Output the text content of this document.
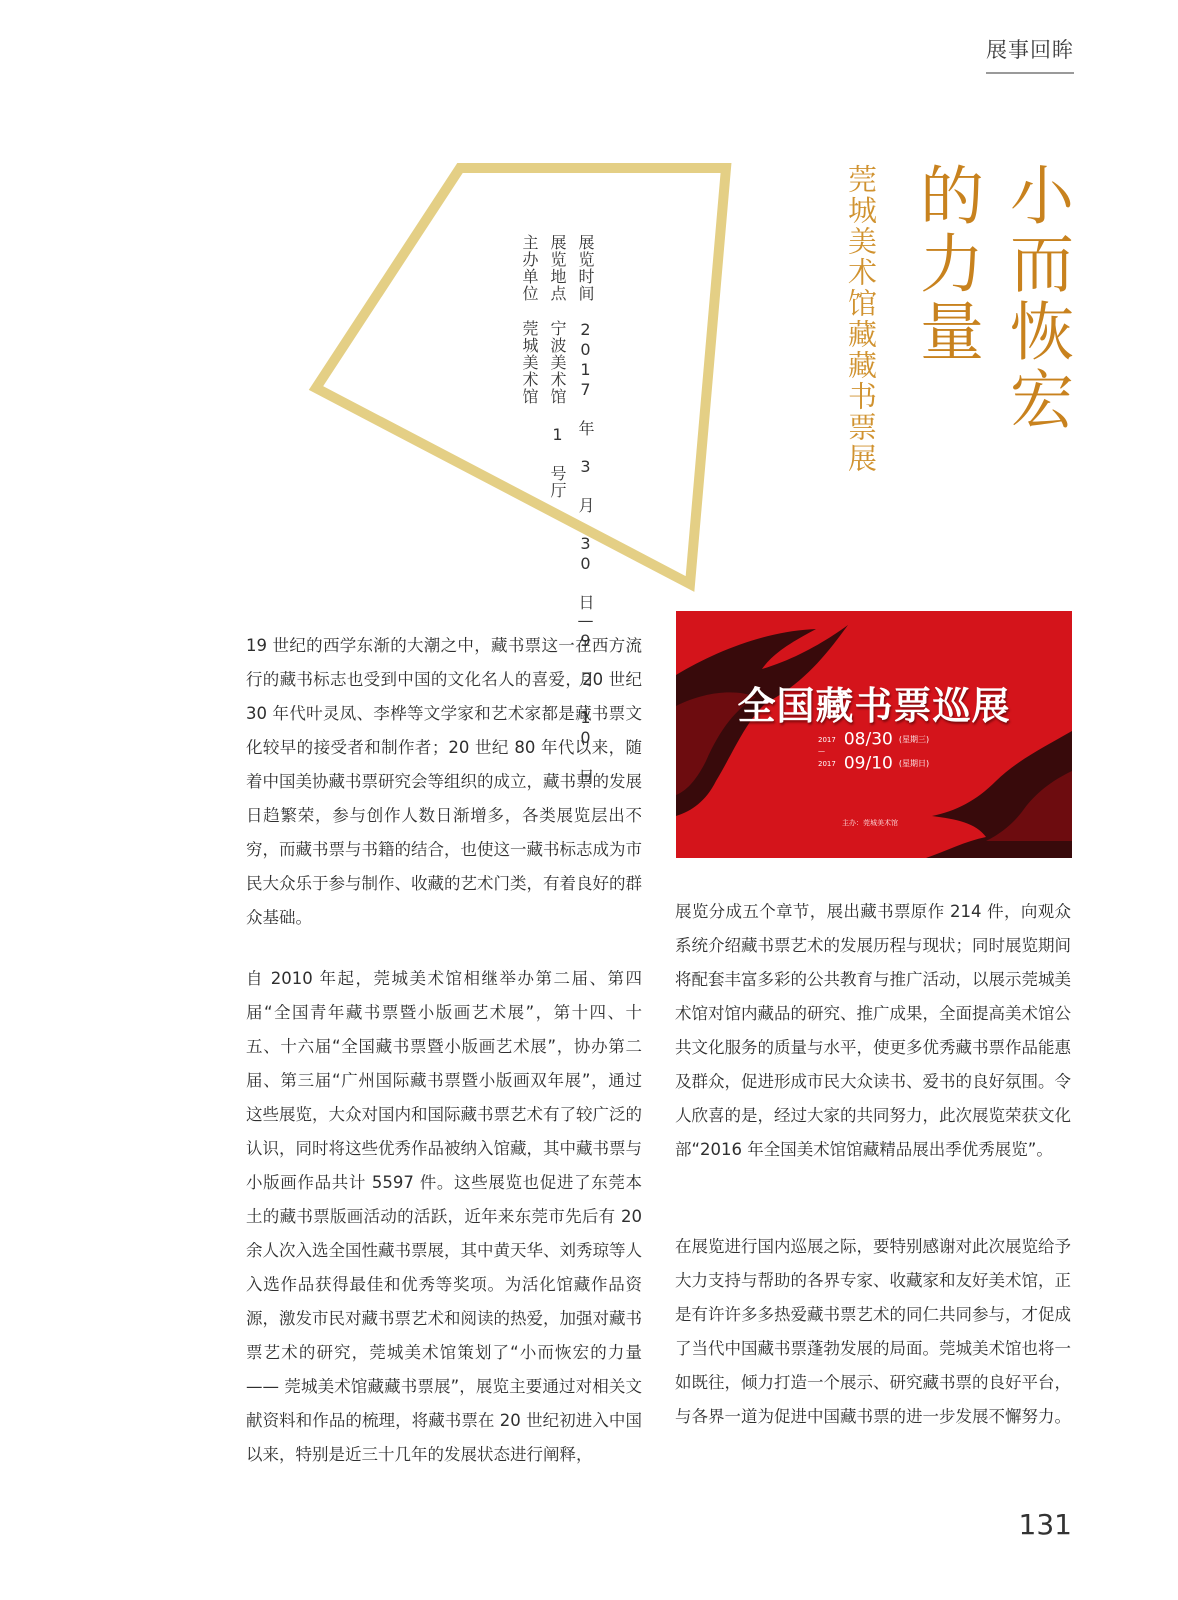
展事回眸
小而恢宏
的力量
莞城美术馆藏藏书票展
展览时间2017 年 3 月 30 日—9 月 10 日
展览地点宁波美术馆 1 号厅
主办单位莞城美术馆
全国藏书票巡展
2017 08/30 (星期三)
—
2017 09/10 (星期日)
主办：莞城美术馆

19 世纪的西学东渐的大潮之中，藏书票这一在西方流行的藏书标志也受到中国的文化名人的喜爱，20 世纪 30 年代叶灵凤、李桦等文学家和艺术家都是藏书票文化较早的接受者和制作者；20 世纪 80 年代以来，随着中国美协藏书票研究会等组织的成立，藏书票的发展日趋繁荣，参与创作人数日渐增多，各类展览层出不穷，而藏书票与书籍的结合，也使这一藏书标志成为市民大众乐于参与制作、收藏的艺术门类，有着良好的群众基础。

自 2010 年起，莞城美术馆相继举办第二届、第四届“全国青年藏书票暨小版画艺术展”，第十四、十五、十六届“全国藏书票暨小版画艺术展”，协办第二届、第三届“广州国际藏书票暨小版画双年展”，通过这些展览，大众对国内和国际藏书票艺术有了较广泛的认识，同时将这些优秀作品被纳入馆藏，其中藏书票与小版画作品共计 5597 件。这些展览也促进了东莞本土的藏书票版画活动的活跃，近年来东莞市先后有 20 余人次入选全国性藏书票展，其中黄天华、刘秀琼等人入选作品获得最佳和优秀等奖项。为活化馆藏作品资源，激发市民对藏书票艺术和阅读的热爱，加强对藏书票艺术的研究，莞城美术馆策划了“小而恢宏的力量 —— 莞城美术馆藏藏书票展”，展览主要通过对相关文献资料和作品的梳理，将藏书票在 20 世纪初进入中国以来，特别是近三十几年的发展状态进行阐释，

展览分成五个章节，展出藏书票原作 214 件，向观众系统介绍藏书票艺术的发展历程与现状；同时展览期间将配套丰富多彩的公共教育与推广活动，以展示莞城美术馆对馆内藏品的研究、推广成果，全面提高美术馆公共文化服务的质量与水平，使更多优秀藏书票作品能惠及群众，促进形成市民大众读书、爱书的良好氛围。令人欣喜的是，经过大家的共同努力，此次展览荣获文化部“2016 年全国美术馆馆藏精品展出季优秀展览”。

在展览进行国内巡展之际，要特别感谢对此次展览给予大力支持与帮助的各界专家、收藏家和友好美术馆，正是有许许多多热爱藏书票艺术的同仁共同参与，才促成了当代中国藏书票蓬勃发展的局面。莞城美术馆也将一如既往，倾力打造一个展示、研究藏书票的良好平台，与各界一道为促进中国藏书票的进一步发展不懈努力。

131
